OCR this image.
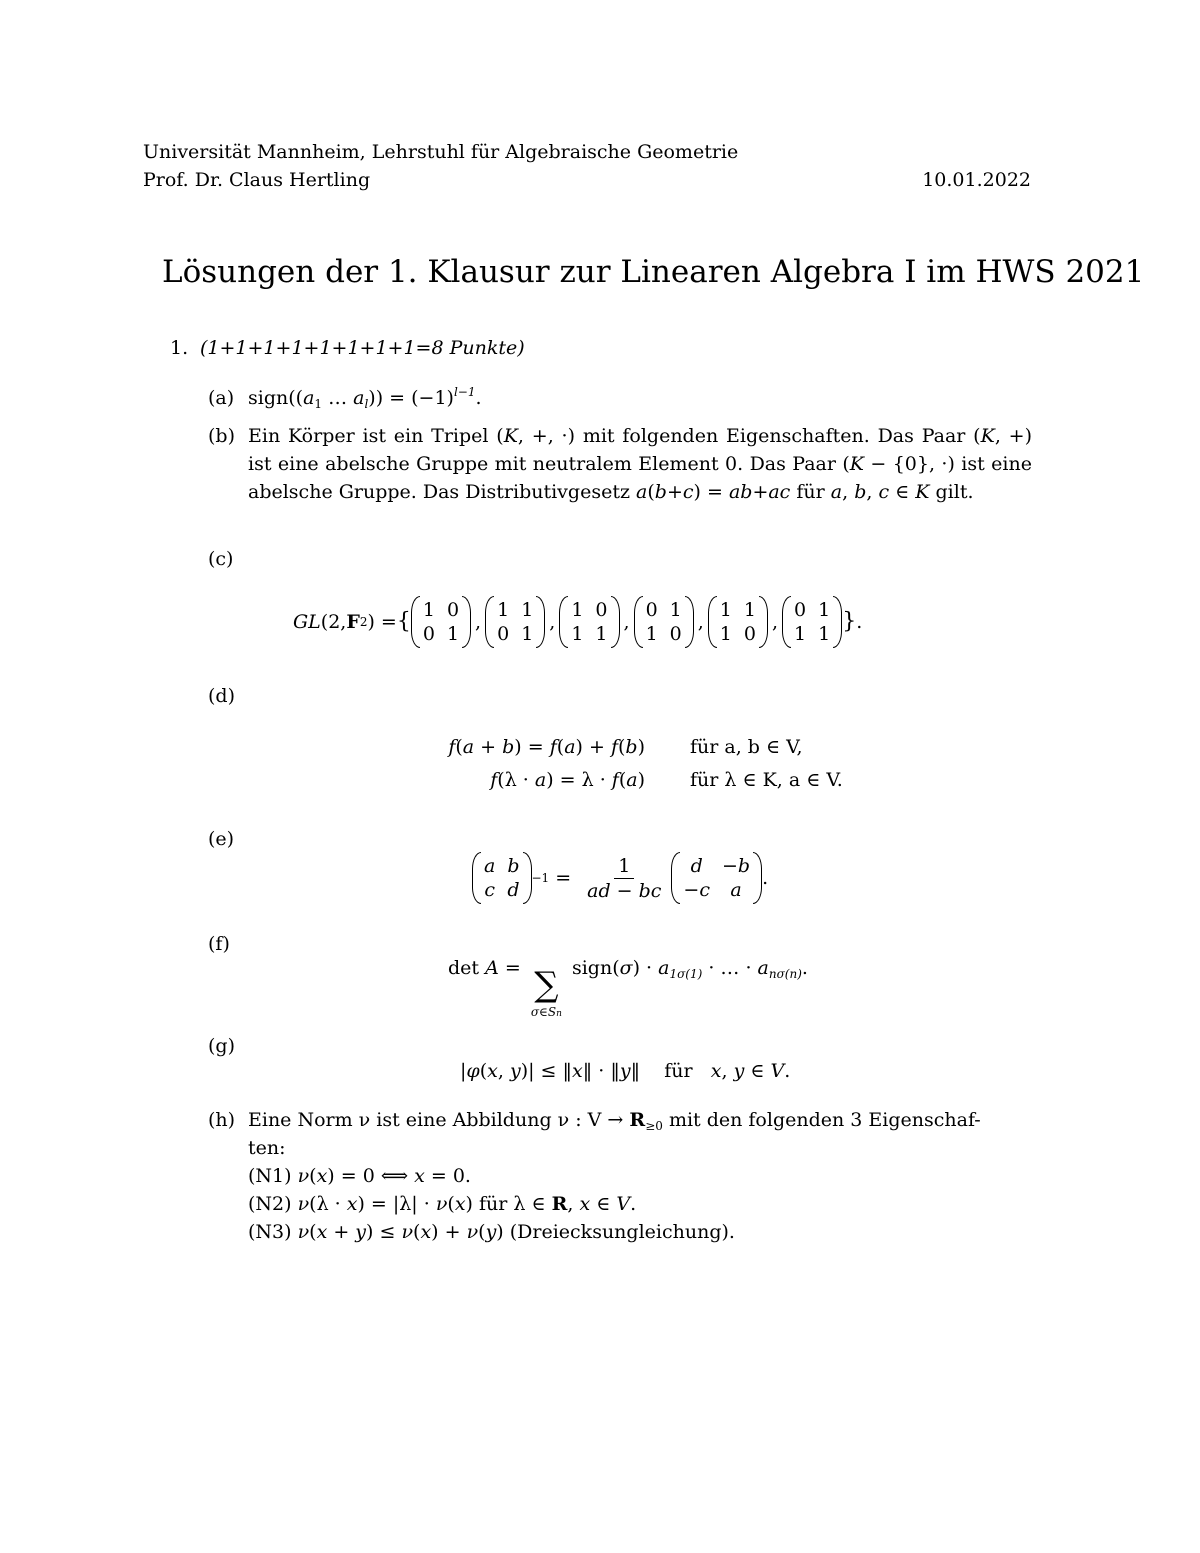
Universität Mannheim, Lehrstuhl für Algebraische Geometrie
Prof. Dr. Claus Hertling	10.01.2022
Lösungen der 1. Klausur zur Linearen Algebra I im HWS 2021
1. (1+1+1+1+1+1+1+1=8 Punkte)
(a) $sign((a_1$ … $a_l)) = (-1)^{l-1}$.
(b) Ein Körper ist ein Tripel (K, +, ·) mit folgenden Eigenschaften. Das Paar (K, +) ist eine abelsche Gruppe mit neutralem Element 0. Das Paar (K − {0}, ·) ist eine abelsche Gruppe. Das Distributivgesetz a(b+c) = ab+ac für a, b, c ∈ K gilt.
(c)
GL (2, F 2 ) = { 1 0
0 1
,
1 1
0 1
,
1 0
1 1
,
0 1
1 0
,
1 1
1 0
,
0 1
1 1 } .
(d)
f(a + b) = f(a) + f(b) für a, b ∈ V,
f(λ · a) = λ · f(a) für λ ∈ K, a ∈ V.
(e)
a b
c d
$-1 = \frac{1}{ad - bc}$	d	−b
−c	a
.
(f)
det A = ∑
σ∈Sn
sign(σ) · $a_{1\sigma(1)}$ · … · $a_{n\sigma(n)}$.
(g)
|φ(x, y)| ≤ ‖x‖ · ‖y‖    für x, y ∈ V.
(h) Eine Norm ν ist eine Abbildung ν : $V \to R_{\ge 0}$ mit den folgenden 3 Eigenschaf-
ten:
(N1) ν(x) = 0 ⟺ x = 0.
(N2) ν(λ · x) = |λ| · ν(x) für λ ∈ R, x ∈ V.
(N3) ν(x + y) ≤ ν(x) + ν(y) (Dreiecksungleichung).
